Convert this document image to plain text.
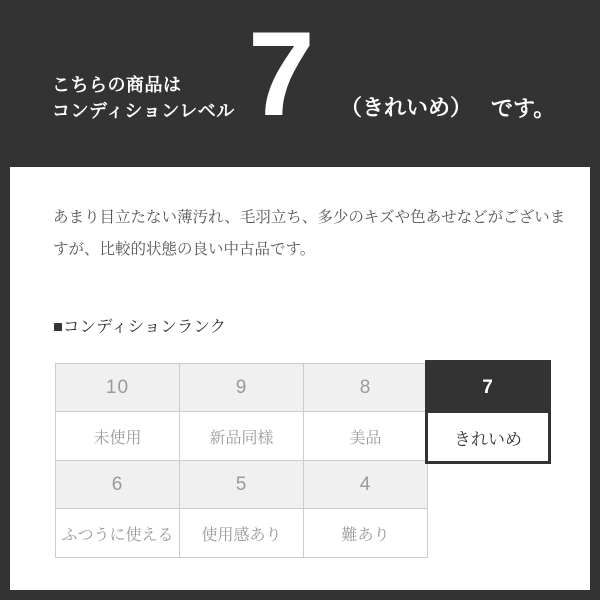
こちらの商品は
コンディションレベル 7 （きれいめ） です。

あまり目立たない薄汚れ、毛羽立ち、多少のキズや色あせなどがございますが、比較的状態の良い中古品です。

■コンディションランク
10
未使用
9
新品同様
8
美品
7
きれいめ
6
ふつうに使える
5
使用感あり
4
難あり
